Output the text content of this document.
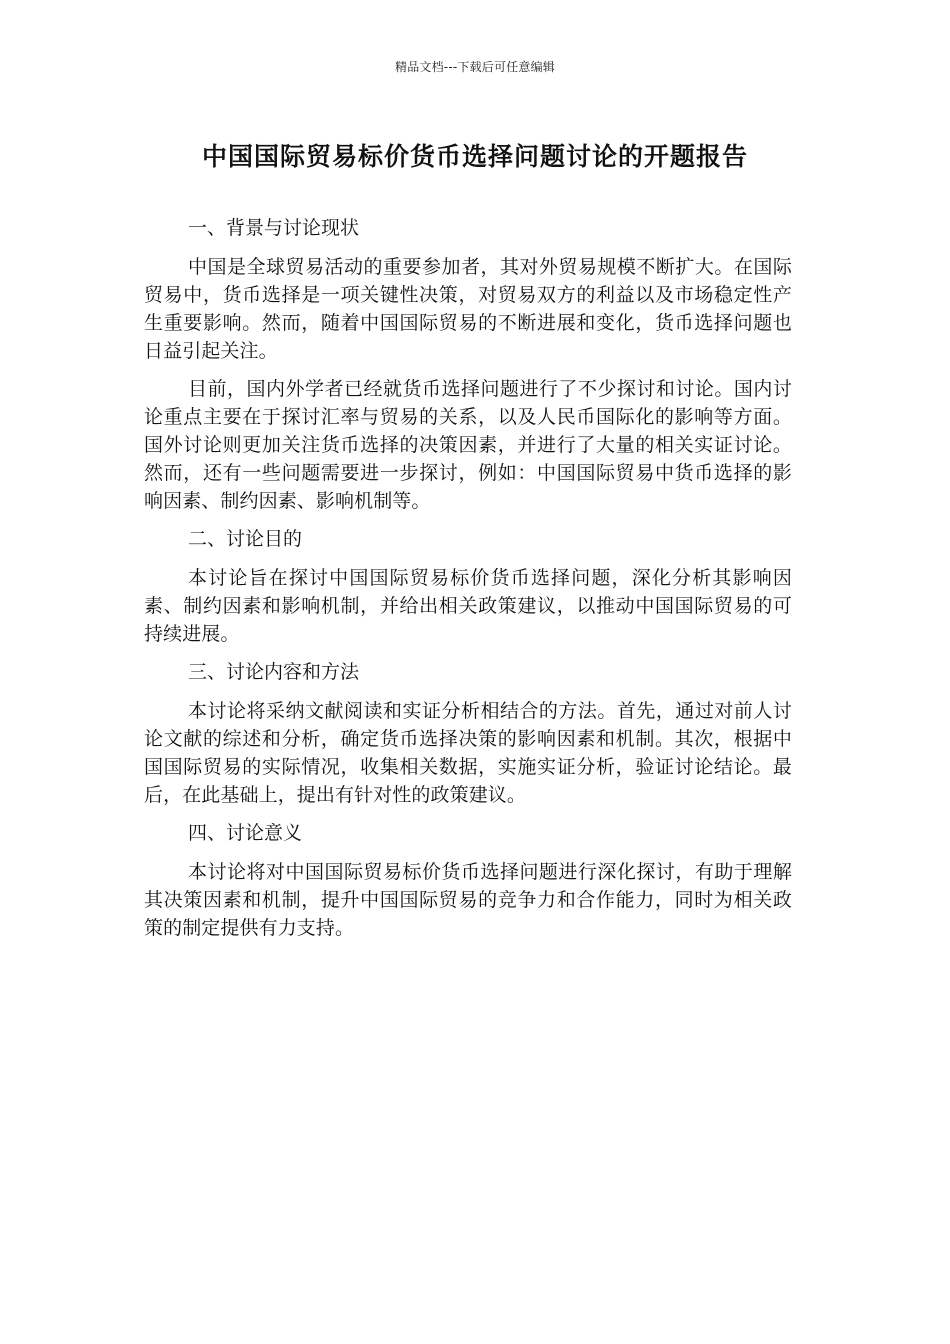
精品文档---下载后可任意编辑
中国国际贸易标价货币选择问题讨论的开题报告
一、背景与讨论现状

中国是全球贸易活动的重要参加者，其对外贸易规模不断扩大。在国际贸易中，货币选择是一项关键性决策，对贸易双方的利益以及市场稳定性产生重要影响。然而，随着中国国际贸易的不断进展和变化，货币选择问题也日益引起关注。

目前，国内外学者已经就货币选择问题进行了不少探讨和讨论。国内讨论重点主要在于探讨汇率与贸易的关系，以及人民币国际化的影响等方面。国外讨论则更加关注货币选择的决策因素，并进行了大量的相关实证讨论。然而，还有一些问题需要进一步探讨，例如：中国国际贸易中货币选择的影响因素、制约因素、影响机制等。

二、讨论目的

本讨论旨在探讨中国国际贸易标价货币选择问题，深化分析其影响因素、制约因素和影响机制，并给出相关政策建议，以推动中国国际贸易的可持续进展。

三、讨论内容和方法

本讨论将采纳文献阅读和实证分析相结合的方法。首先，通过对前人讨论文献的综述和分析，确定货币选择决策的影响因素和机制。其次，根据中国国际贸易的实际情况，收集相关数据，实施实证分析，验证讨论结论。最后，在此基础上，提出有针对性的政策建议。

四、讨论意义

本讨论将对中国国际贸易标价货币选择问题进行深化探讨，有助于理解其决策因素和机制，提升中国国际贸易的竞争力和合作能力，同时为相关政策的制定提供有力支持。
